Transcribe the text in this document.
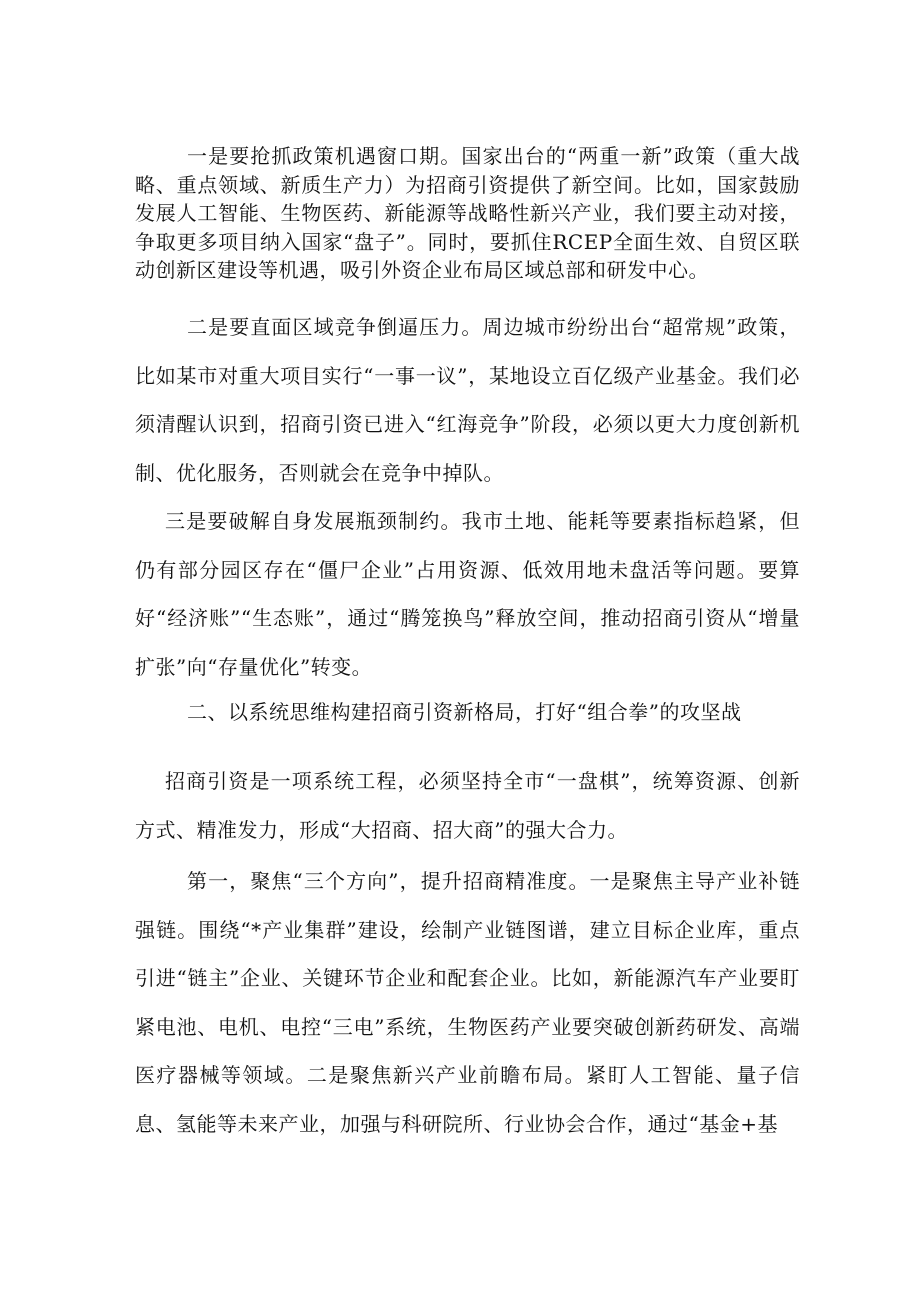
一是要抢抓政策机遇窗口期。国家出台的“两重一新”政策（重大战略、重点领域、新质生产力）为招商引资提供了新空间。比如，国家鼓励发展人工智能、生物医药、新能源等战略性新兴产业，我们要主动对接，争取更多项目纳入国家“盘子”。同时，要抓住RCEP全面生效、自贸区联动创新区建设等机遇，吸引外资企业布局区域总部和研发中心。

二是要直面区域竞争倒逼压力。周边城市纷纷出台“超常规”政策，比如某市对重大项目实行“一事一议”，某地设立百亿级产业基金。我们必须清醒认识到，招商引资已进入“红海竞争”阶段，必须以更大力度创新机制、优化服务，否则就会在竞争中掉队。

三是要破解自身发展瓶颈制约。我市土地、能耗等要素指标趋紧，但仍有部分园区存在“僵尸企业”占用资源、低效用地未盘活等问题。要算好“经济账”“生态账”，通过“腾笼换鸟”释放空间，推动招商引资从“增量扩张”向“存量优化”转变。

二、以系统思维构建招商引资新格局，打好“组合拳”的攻坚战

招商引资是一项系统工程，必须坚持全市“一盘棋”，统筹资源、创新方式、精准发力，形成“大招商、招大商”的强大合力。

第一，聚焦“三个方向”，提升招商精准度。一是聚焦主导产业补链强链。围绕“*产业集群”建设，绘制产业链图谱，建立目标企业库，重点引进“链主”企业、关键环节企业和配套企业。比如，新能源汽车产业要盯紧电池、电机、电控“三电”系统，生物医药产业要突破创新药研发、高端医疗器械等领域。二是聚焦新兴产业前瞻布局。紧盯人工智能、量子信息、氢能等未来产业，加强与科研院所、行业协会合作，通过“基金+基
